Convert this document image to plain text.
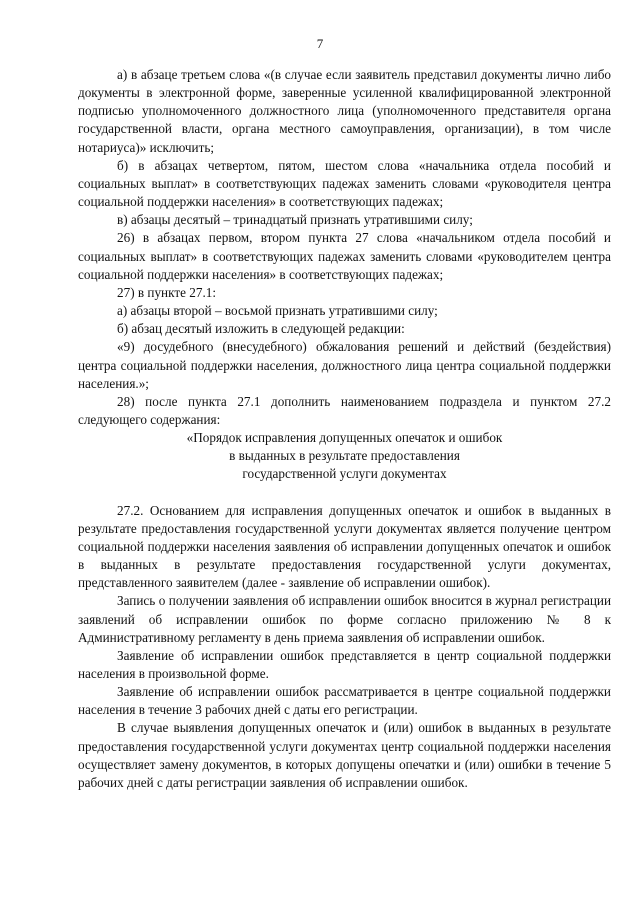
7

а) в абзаце третьем слова «(в случае если заявитель представил документы лично либо документы в электронной форме, заверенные усиленной квалифицированной электронной подписью уполномоченного должностного лица (уполномоченного представителя органа государственной власти, органа местного самоуправления, организации), в том числе нотариуса)» исключить;

б) в абзацах четвертом, пятом, шестом слова «начальника отдела пособий и социальных выплат» в соответствующих падежах заменить словами «руководителя центра социальной поддержки населения» в соответствующих падежах;

в) абзацы десятый – тринадцатый признать утратившими силу;

26) в абзацах первом, втором пункта 27 слова «начальником отдела пособий и социальных выплат» в соответствующих падежах заменить словами «руководителем центра социальной поддержки населения» в соответствующих падежах;

27) в пункте 27.1:

а) абзацы второй – восьмой признать утратившими силу;

б) абзац десятый изложить в следующей редакции:

«9) досудебного (внесудебного) обжалования решений и действий (бездействия) центра социальной поддержки населения, должностного лица центра социальной поддержки населения.»;

28) после пункта 27.1 дополнить наименованием подраздела и пунктом 27.2 следующего содержания:

«Порядок исправления допущенных опечаток и ошибок
в выданных в результате предоставления
государственной услуги документах

27.2. Основанием для исправления допущенных опечаток и ошибок в выданных в результате предоставления государственной услуги документах является получение центром социальной поддержки населения заявления об исправлении допущенных опечаток и ошибок в выданных в результате предоставления государственной услуги документах, представленного заявителем (далее - заявление об исправлении ошибок).

Запись о получении заявления об исправлении ошибок вносится в журнал регистрации заявлений об исправлении ошибок по форме согласно приложению № 8 к Административному регламенту в день приема заявления об исправлении ошибок.

Заявление об исправлении ошибок представляется в центр социальной поддержки населения в произвольной форме.

Заявление об исправлении ошибок рассматривается в центре социальной поддержки населения в течение 3 рабочих дней с даты его регистрации.

В случае выявления допущенных опечаток и (или) ошибок в выданных в результате предоставления государственной услуги документах центр социальной поддержки населения осуществляет замену документов, в которых допущены опечатки и (или) ошибки в течение 5 рабочих дней с даты регистрации заявления об исправлении ошибок.
